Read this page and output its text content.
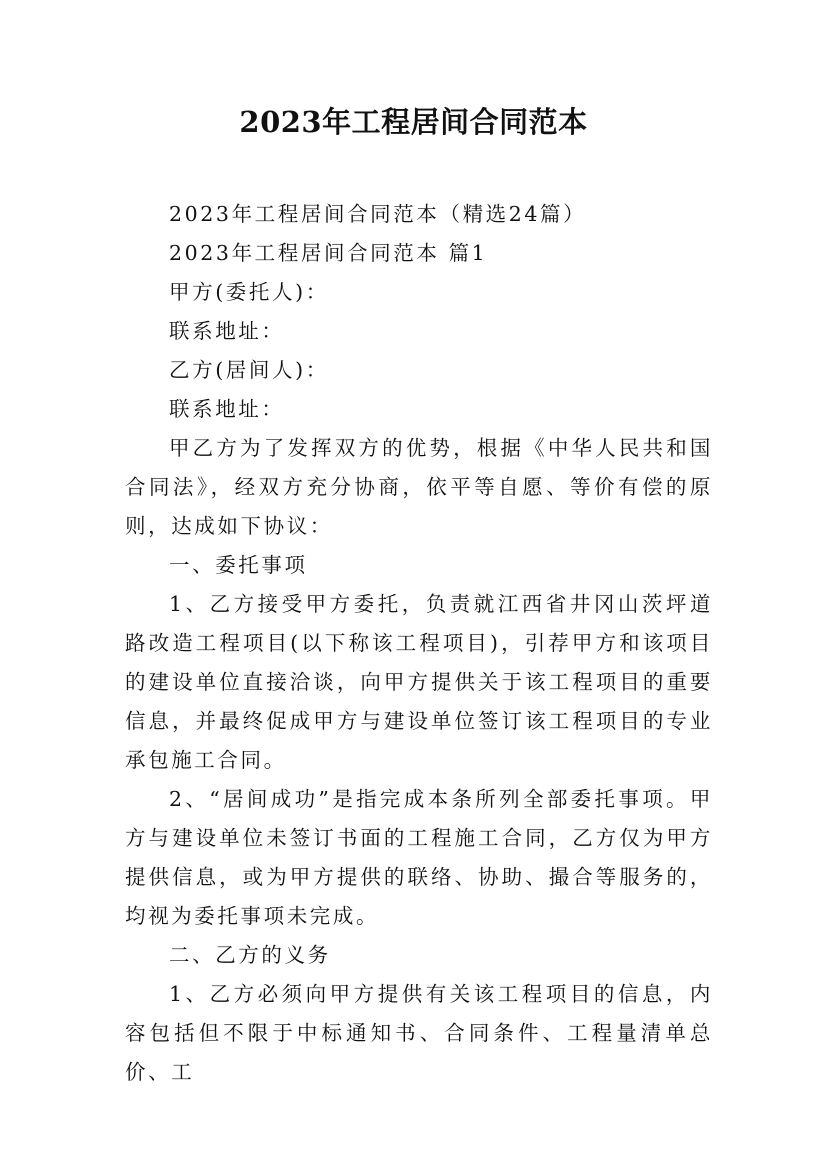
2023年工程居间合同范本

2023年工程居间合同范本（精选24篇）

2023年工程居间合同范本 篇1

甲方(委托人)：

联系地址：

乙方(居间人)：

联系地址：

甲乙方为了发挥双方的优势，根据《中华人民共和国合同法》，经双方充分协商，依平等自愿、等价有偿的原则，达成如下协议：

一、委托事项

1、乙方接受甲方委托，负责就江西省井冈山茨坪道路改造工程项目(以下称该工程项目)，引荐甲方和该项目的建设单位直接洽谈，向甲方提供关于该工程项目的重要信息，并最终促成甲方与建设单位签订该工程项目的专业承包施工合同。

2、“居间成功”是指完成本条所列全部委托事项。甲方与建设单位未签订书面的工程施工合同，乙方仅为甲方提供信息，或为甲方提供的联络、协助、撮合等服务的，均视为委托事项未完成。

二、乙方的义务

1、乙方必须向甲方提供有关该工程项目的信息，内容包括但不限于中标通知书、合同条件、工程量清单总价、工
